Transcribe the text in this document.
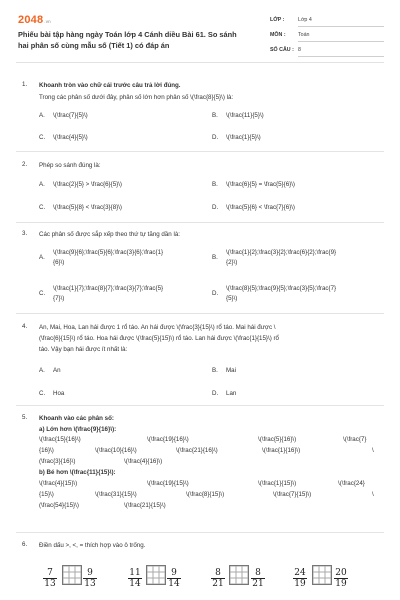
2048.vn
Phiếu bài tập hàng ngày Toán lớp 4 Cánh diều Bài 61. So sánh hai phân số cùng mẫu số (Tiết 1) có đáp án
LỚP :	Lớp 4
MÔN : Toán
SỐ CÂU : 8
1. Khoanh tròn vào chữ cái trước câu trả lời đúng.
Trong các phân số dưới đây, phân số lớn hơn phân số \(\frac{8}{5}\) là:
A. \(\frac{7}{5}\)	B. \(\frac{11}{5}\)
C. \(\frac{4}{5}\)	D. \(\frac{1}{5}\)
2. Phép so sánh đúng là:
A. \(\frac{2}{5} > \frac{6}{5}\)	B. \(\frac{6}{5} = \frac{5}{6}\)
C. \(\frac{5}{8} < \frac{3}{8}\)	D. \(\frac{5}{6} < \frac{7}{6}\)
3. Các phân số được sắp xếp theo thứ tự tăng dần là:
A.
\(\frac{9}{6};\frac{5}{6};\frac{3}{6};\frac{1}
{6}\)
B.
\(\frac{1}{2};\frac{3}{2};\frac{6}{2};\frac{9}
{2}\)
C.
\(\frac{1}{7};\frac{8}{7};\frac{3}{7};\frac{5}
{7}\)
D.
\(\frac{8}{5};\frac{9}{5};\frac{3}{5};\frac{7}
{5}\)
4. An, Mai, Hoa, Lan hái được 1 rổ táo. An hái được \(\frac{3}{15}\) rổ táo. Mai hái được \
(\frac{6}{15}\) rổ táo. Hoa hái được \(\frac{5}{15}\) rổ táo. Lan hái được \(\frac{1}{15}\) rổ
táo. Vậy bạn hái được ít nhất là:
A. An	B. Mai
C. Hoa	D. Lan
5. Khoanh vào các phân số:
a) Lớn hơn \(\frac{9}{16}\):
\(\frac{15}{16}\)	\(\frac{19}{16}\)	\(\frac{5}{16}\)	\(\frac{7}
{16}\)	\(\frac{10}{16}\)	\(\frac{21}{16}\)	\(\frac{1}{16}\)	\
(\frac{3}{16}\)	\(\frac{4}{16}\)
b) Bé hơn \(\frac{11}{15}\):
\(\frac{4}{15}\)	\(\frac{19}{15}\)	\(\frac{1}{15}\)	\(\frac{24}
{15}\)	\(\frac{31}{15}\)	\(\frac{8}{15}\)	\(\frac{7}{15}\)	\
(\frac{54}{15}\)	\(\frac{21}{15}\)
6. Điền dấu >, <, = thích hợp vào ô trống.
7
13
9
13
11
14
9
14
8
21
8
21
24
19
20
19
